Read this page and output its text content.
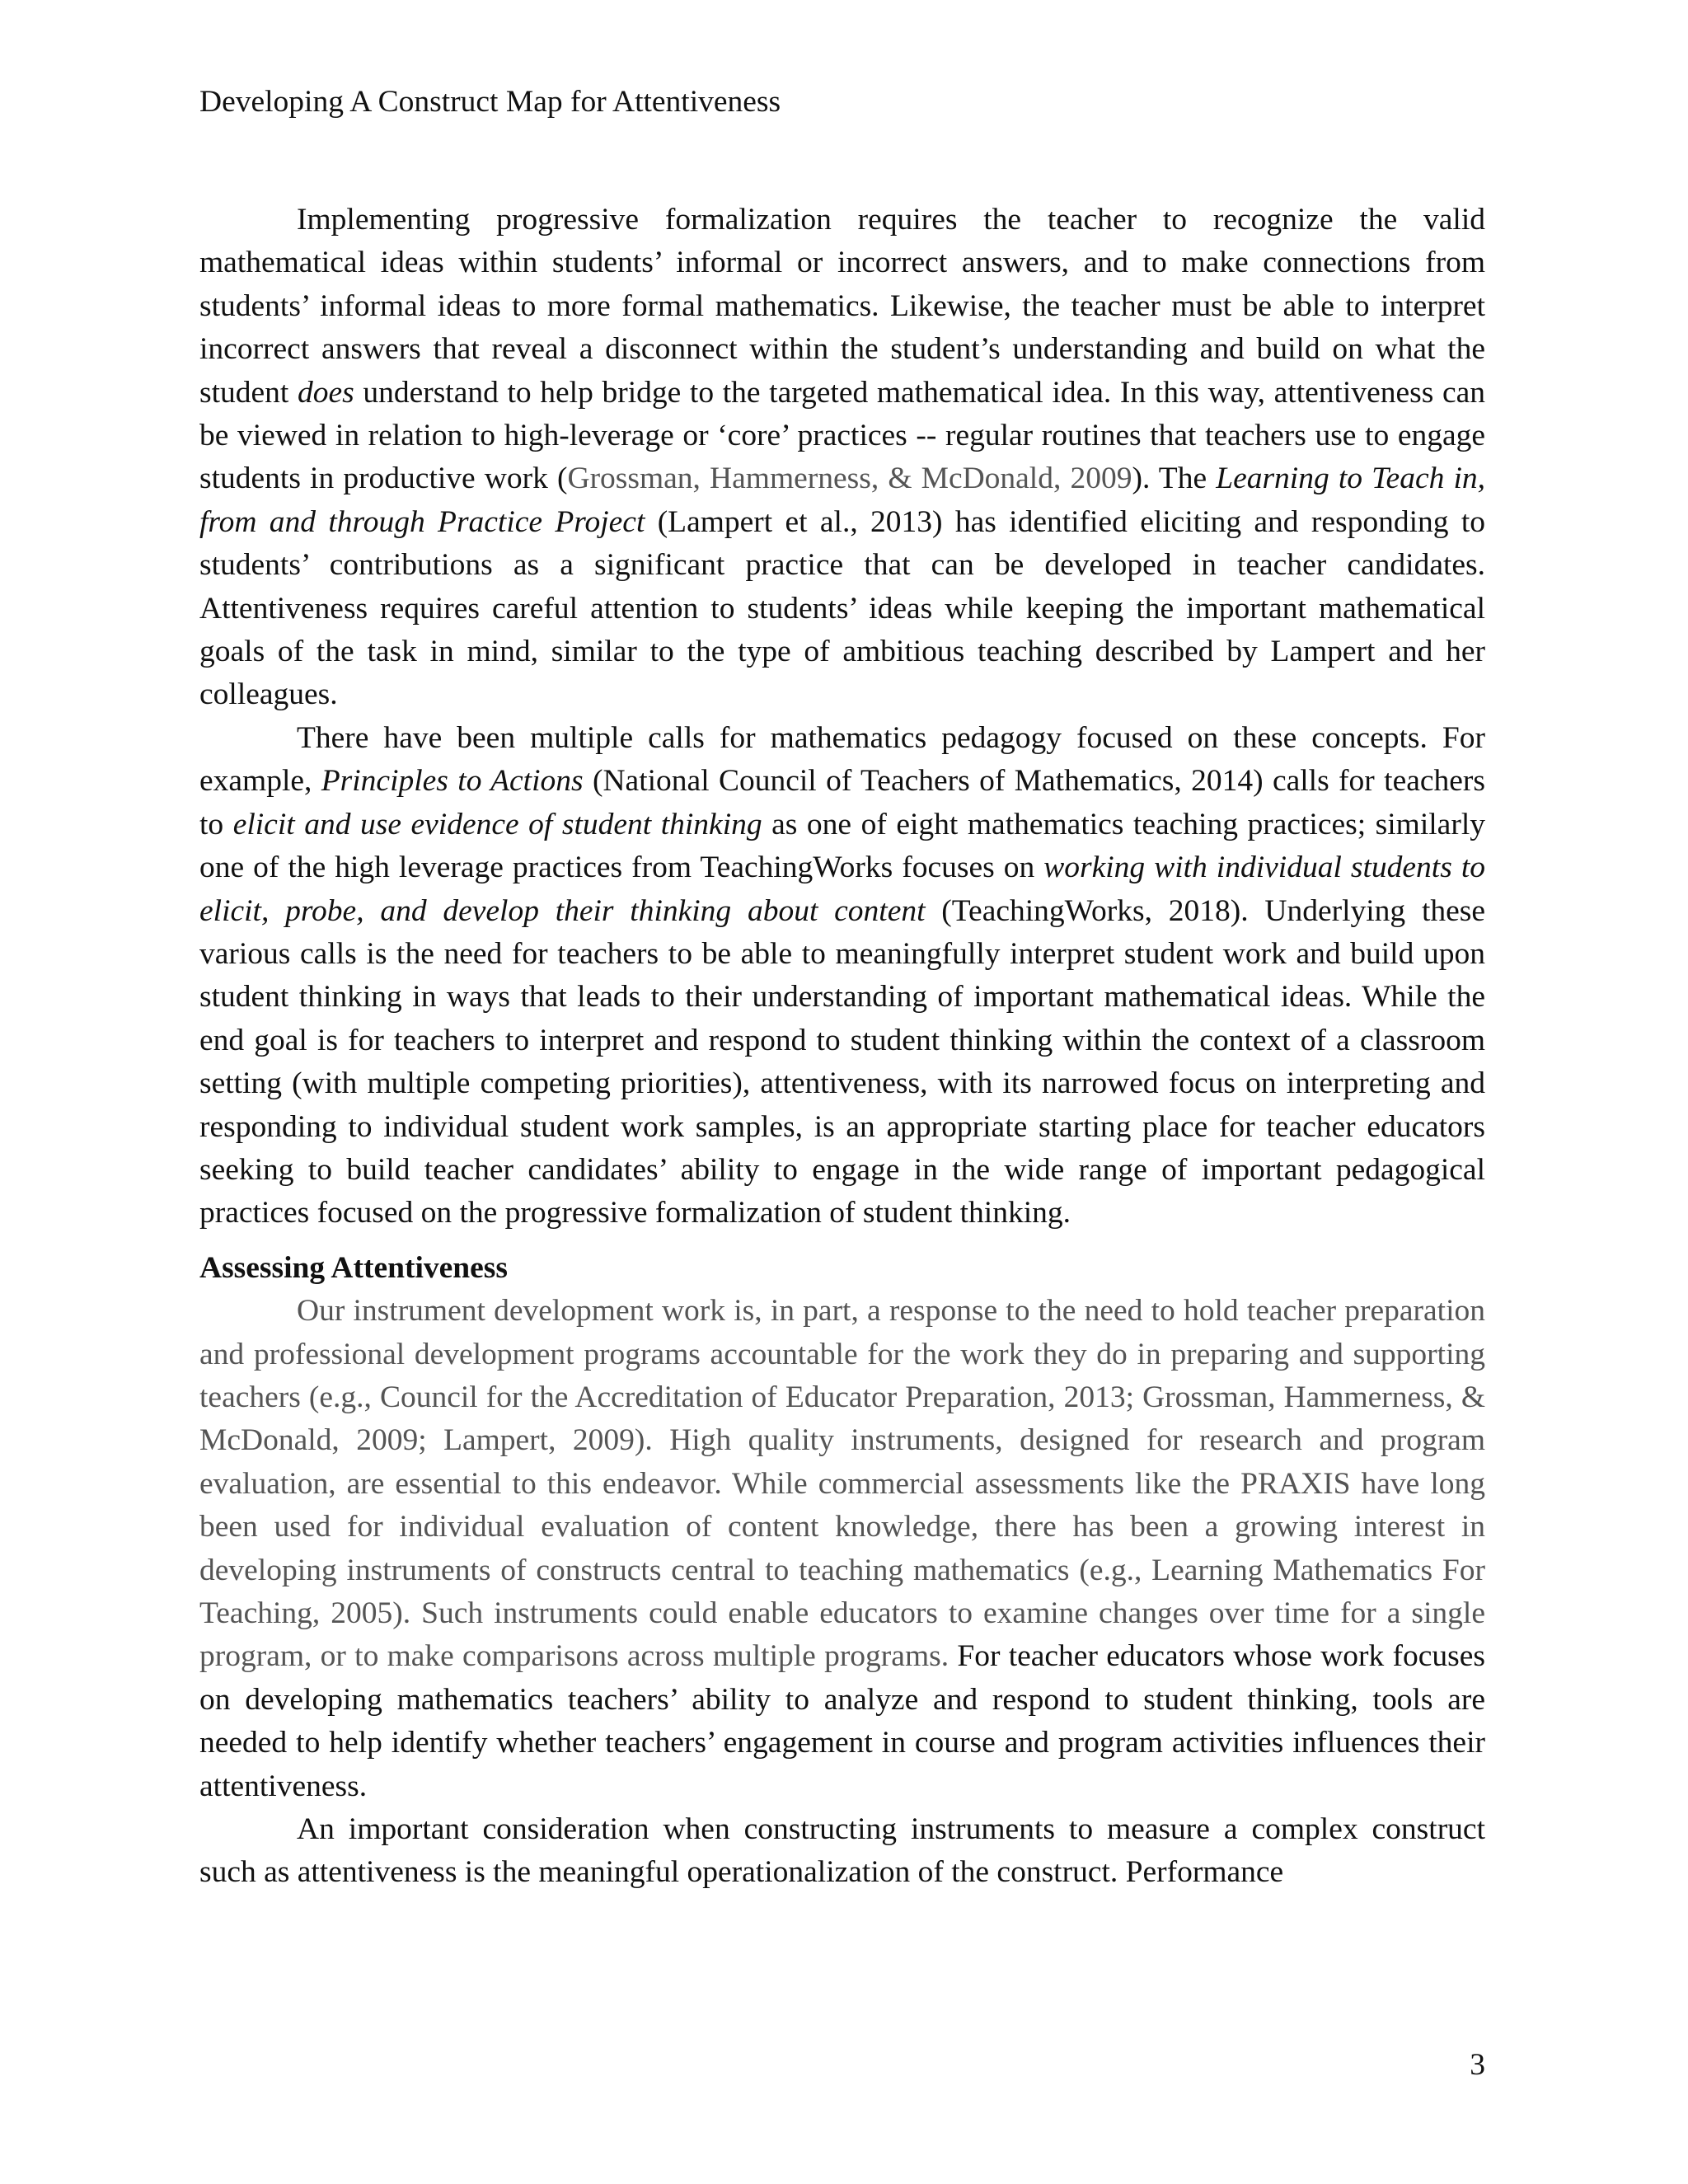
Developing A Construct Map for Attentiveness

Implementing progressive formalization requires the teacher to recognize the valid mathematical ideas within students’ informal or incorrect answers, and to make connections from students’ informal ideas to more formal mathematics. Likewise, the teacher must be able to interpret incorrect answers that reveal a disconnect within the student’s understanding and build on what the student does understand to help bridge to the targeted mathematical idea. In this way, attentiveness can be viewed in relation to high-leverage or ‘core’ practices -- regular routines that teachers use to engage students in productive work (Grossman, Hammerness, & McDonald, 2009). The Learning to Teach in, from and through Practice Project (Lampert et al., 2013) has identified eliciting and responding to students’ contributions as a significant practice that can be developed in teacher candidates. Attentiveness requires careful attention to students’ ideas while keeping the important mathematical goals of the task in mind, similar to the type of ambitious teaching described by Lampert and her colleagues.

There have been multiple calls for mathematics pedagogy focused on these concepts. For example, Principles to Actions (National Council of Teachers of Mathematics, 2014) calls for teachers to elicit and use evidence of student thinking as one of eight mathematics teaching practices; similarly one of the high leverage practices from TeachingWorks focuses on working with individual students to elicit, probe, and develop their thinking about content (TeachingWorks, 2018). Underlying these various calls is the need for teachers to be able to meaningfully interpret student work and build upon student thinking in ways that leads to their understanding of important mathematical ideas. While the end goal is for teachers to interpret and respond to student thinking within the context of a classroom setting (with multiple competing priorities), attentiveness, with its narrowed focus on interpreting and responding to individual student work samples, is an appropriate starting place for teacher educators seeking to build teacher candidates’ ability to engage in the wide range of important pedagogical practices focused on the progressive formalization of student thinking.

Assessing Attentiveness

Our instrument development work is, in part, a response to the need to hold teacher preparation and professional development programs accountable for the work they do in preparing and supporting teachers (e.g., Council for the Accreditation of Educator Preparation, 2013; Grossman, Hammerness, & McDonald, 2009; Lampert, 2009). High quality instruments, designed for research and program evaluation, are essential to this endeavor. While commercial assessments like the PRAXIS have long been used for individual evaluation of content knowledge, there has been a growing interest in developing instruments of constructs central to teaching mathematics (e.g., Learning Mathematics For Teaching, 2005). Such instruments could enable educators to examine changes over time for a single program, or to make comparisons across multiple programs. For teacher educators whose work focuses on developing mathematics teachers’ ability to analyze and respond to student thinking, tools are needed to help identify whether teachers’ engagement in course and program activities influences their attentiveness.

An important consideration when constructing instruments to measure a complex construct such as attentiveness is the meaningful operationalization of the construct. Performance

3
